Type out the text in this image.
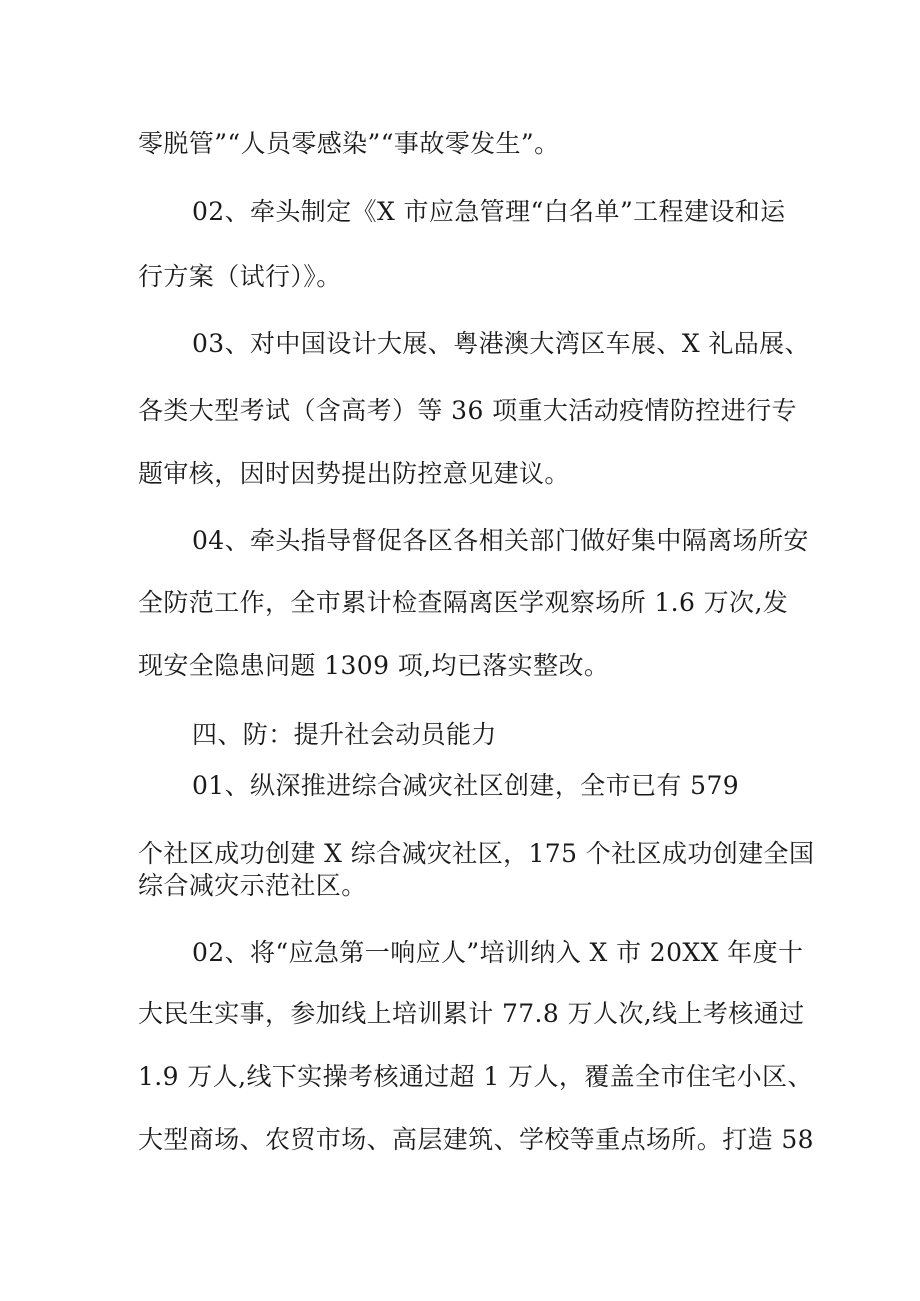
零脱管”“人员零感染”“事故零发生”。

02、牵头制定《X 市应急管理“白名单”工程建设和运

行方案（试行）》。

03、对中国设计大展、粤港澳大湾区车展、X 礼品展、

各类大型考试（含高考）等 36 项重大活动疫情防控进行专

题审核，因时因势提出防控意见建议。

04、牵头指导督促各区各相关部门做好集中隔离场所安

全防范工作，全市累计检查隔离医学观察场所 1.6 万次,发

现安全隐患问题 1309 项,均已落实整改。

四、防：提升社会动员能力

01、纵深推进综合减灾社区创建，全市已有 579

个社区成功创建 X 综合减灾社区，175 个社区成功创建全国

综合减灾示范社区。

02、将“应急第一响应人”培训纳入 X 市 20XX 年度十

大民生实事，参加线上培训累计 77.8 万人次,线上考核通过

1.9 万人,线下实操考核通过超 1 万人，覆盖全市住宅小区、

大型商场、农贸市场、高层建筑、学校等重点场所。打造 58
